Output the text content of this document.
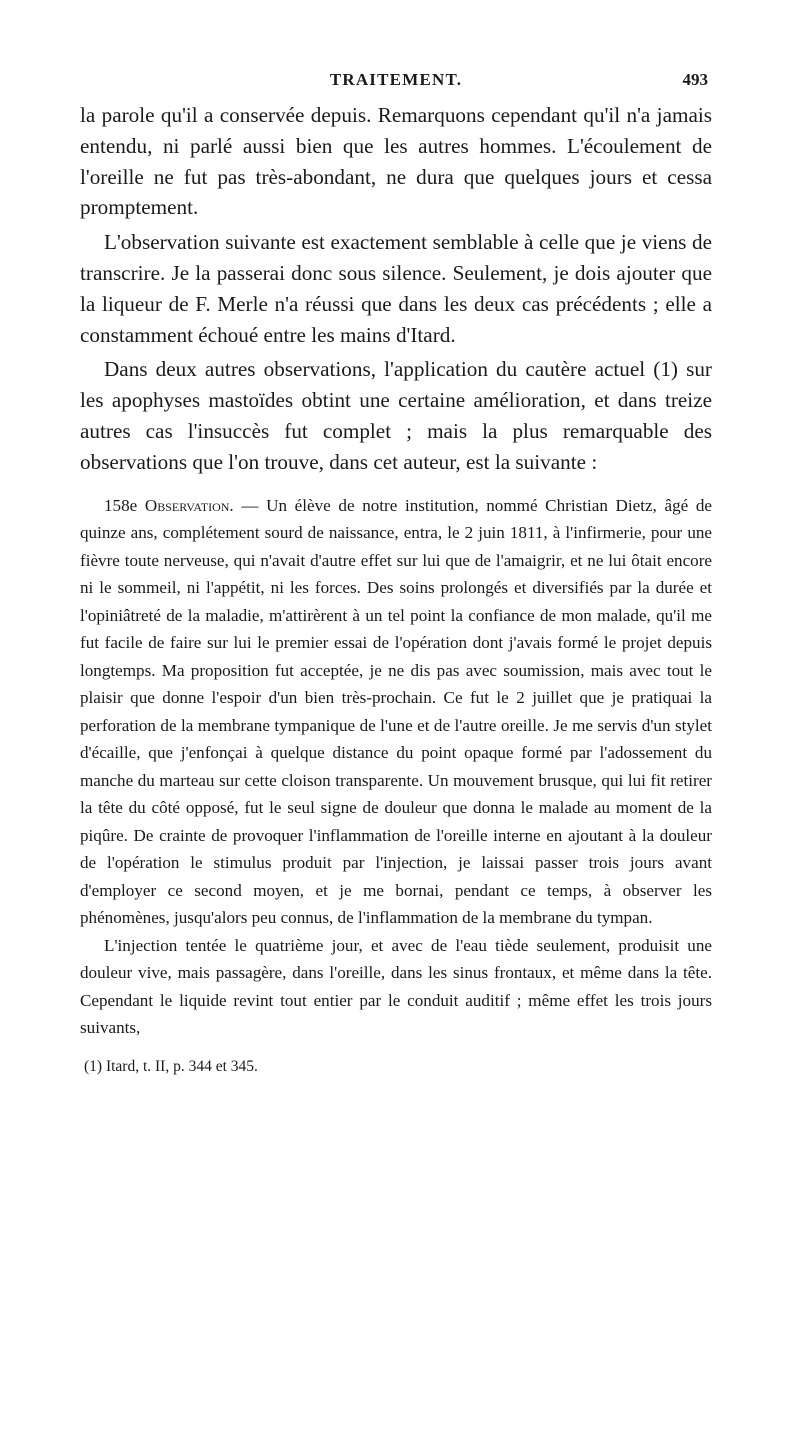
TRAITEMENT.	493

la parole qu'il a conservée depuis. Remarquons cependant qu'il n'a jamais entendu, ni parlé aussi bien que les autres hommes. L'écoulement de l'oreille ne fut pas très-abondant, ne dura que quelques jours et cessa promptement.

L'observation suivante est exactement semblable à celle que je viens de transcrire. Je la passerai donc sous silence. Seulement, je dois ajouter que la liqueur de F. Merle n'a réussi que dans les deux cas précédents ; elle a constamment échoué entre les mains d'Itard.

Dans deux autres observations, l'application du cautère actuel (1) sur les apophyses mastoïdes obtint une certaine amélioration, et dans treize autres cas l'insuccès fut complet ; mais la plus remarquable des observations que l'on trouve, dans cet auteur, est la suivante :

158e Observation. — Un élève de notre institution, nommé Christian Dietz, âgé de quinze ans, complétement sourd de naissance, entra, le 2 juin 1811, à l'infirmerie, pour une fièvre toute nerveuse, qui n'avait d'autre effet sur lui que de l'amaigrir, et ne lui ôtait encore ni le sommeil, ni l'appétit, ni les forces. Des soins prolongés et diversifiés par la durée et l'opiniâtreté de la maladie, m'attirèrent à un tel point la confiance de mon malade, qu'il me fut facile de faire sur lui le premier essai de l'opération dont j'avais formé le projet depuis longtemps. Ma proposition fut acceptée, je ne dis pas avec soumission, mais avec tout le plaisir que donne l'espoir d'un bien très-prochain. Ce fut le 2 juillet que je pratiquai la perforation de la membrane tympanique de l'une et de l'autre oreille. Je me servis d'un stylet d'écaille, que j'enfonçai à quelque distance du point opaque formé par l'adossement du manche du marteau sur cette cloison transparente. Un mouvement brusque, qui lui fit retirer la tête du côté opposé, fut le seul signe de douleur que donna le malade au moment de la piqûre. De crainte de provoquer l'inflammation de l'oreille interne en ajoutant à la douleur de l'opération le stimulus produit par l'injection, je laissai passer trois jours avant d'employer ce second moyen, et je me bornai, pendant ce temps, à observer les phénomènes, jusqu'alors peu connus, de l'inflammation de la membrane du tympan.

L'injection tentée le quatrième jour, et avec de l'eau tiède seulement, produisit une douleur vive, mais passagère, dans l'oreille, dans les sinus frontaux, et même dans la tête. Cependant le liquide revint tout entier par le conduit auditif ; même effet les trois jours suivants,

(1) Itard, t. II, p. 344 et 345.
